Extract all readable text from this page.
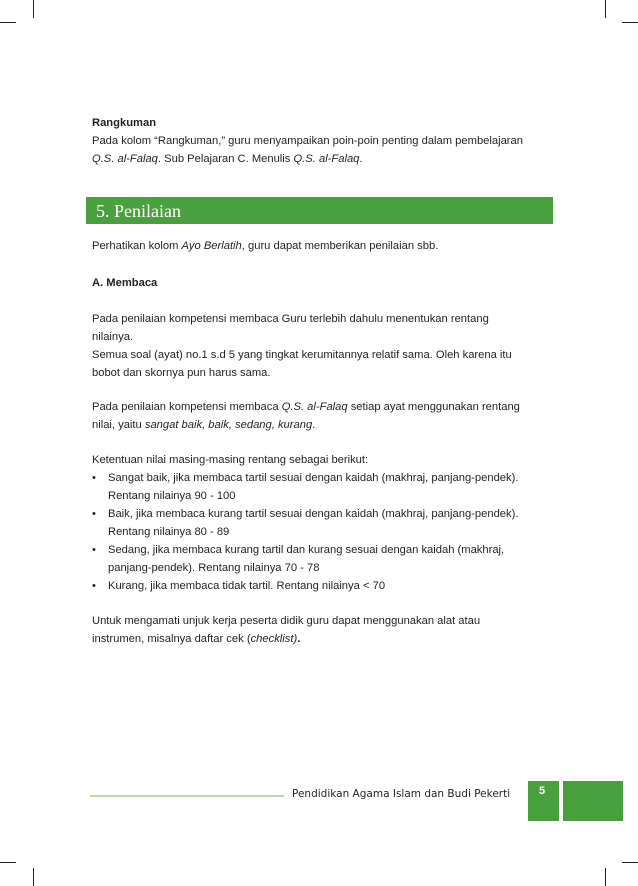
Rangkuman
Pada kolom “Rangkuman,” guru menyampaikan poin-poin penting dalam pembelajaran
Q.S. al-Falaq. Sub Pelajaran C. Menulis Q.S. al-Falaq.
5. Penilaian
Perhatikan kolom Ayo Berlatih, guru dapat memberikan penilaian sbb.
A. Membaca
Pada penilaian kompetensi membaca Guru terlebih dahulu menentukan rentang
nilainya.
Semua soal (ayat) no.1 s.d 5 yang tingkat kerumitannya relatif sama. Oleh karena itu
bobot dan skornya pun harus sama.
Pada penilaian kompetensi membaca Q.S. al-Falaq setiap ayat menggunakan rentang
nilai, yaitu sangat baik, baik, sedang, kurang.
Ketentuan nilai masing-masing rentang sebagai berikut:
• Sangat baik, jika membaca tartil sesuai dengan kaidah (makhraj, panjang-pendek).
Rentang nilainya 90 - 100
• Baik, jika membaca kurang tartil sesuai dengan kaidah (makhraj, panjang-pendek).
Rentang nilainya 80 - 89
• Sedang, jika membaca kurang tartil dan kurang sesuai dengan kaidah (makhraj,
panjang-pendek). Rentang nilainya 70 - 78
• Kurang, jika membaca tidak tartil. Rentang nilainya < 70
Untuk mengamati unjuk kerja peserta didik guru dapat menggunakan alat atau
instrumen, misalnya daftar cek (checklist).
Pendidikan Agama Islam dan Budi Pekerti	5
